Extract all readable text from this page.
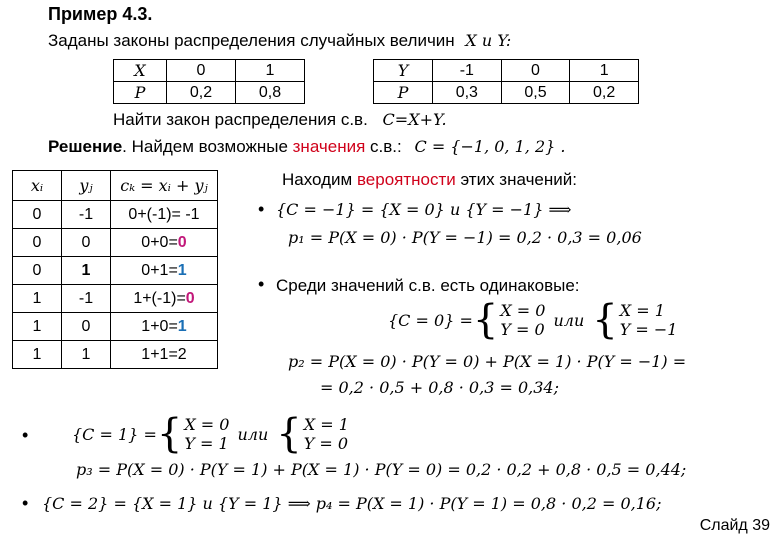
Пример 4.3.
Заданы законы распределения случайных величин X и Y:
X	0	1
P	0,2	0,8
Y	-1	0	1
P	0,3	0,5	0,2
Найти закон распределения с.в. C=X+Y.
Решение. Найдем возможные значения с.в.: C = {−1, 0, 1, 2} .
xᵢ	yⱼ	cₖ = xᵢ + yⱼ
0	-1	0+(-1)= -1
0	0	0+0=0
0	1	0+1=1
1	-1	1+(-1)=0
1	0	1+0=1
1	1	1+1=2
Находим вероятности этих значений:
• {C = −1} = {X = 0} и {Y = −1} ⟹
p₁ = P(X = 0) · P(Y = −1) = 0,2 · 0,3 = 0,06
• Среди значений с.в. есть одинаковые:
{C = 0} = { X = 0
Y = 0 или { X = 1
Y = −1
p₂ = P(X = 0) · P(Y = 0) + P(X = 1) · P(Y = −1) =
= 0,2 · 0,5 + 0,8 · 0,3 = 0,34;
•	{C = 1} = { X = 0
Y = 1 или { X = 1
Y = 0
p₃ = P(X = 0) · P(Y = 1) + P(X = 1) · P(Y = 0) = 0,2 · 0,2 + 0,8 · 0,5 = 0,44;
• {C = 2} = {X = 1} и {Y = 1} ⟹ p₄ = P(X = 1) · P(Y = 1) = 0,8 · 0,2 = 0,16;
Слайд 39
